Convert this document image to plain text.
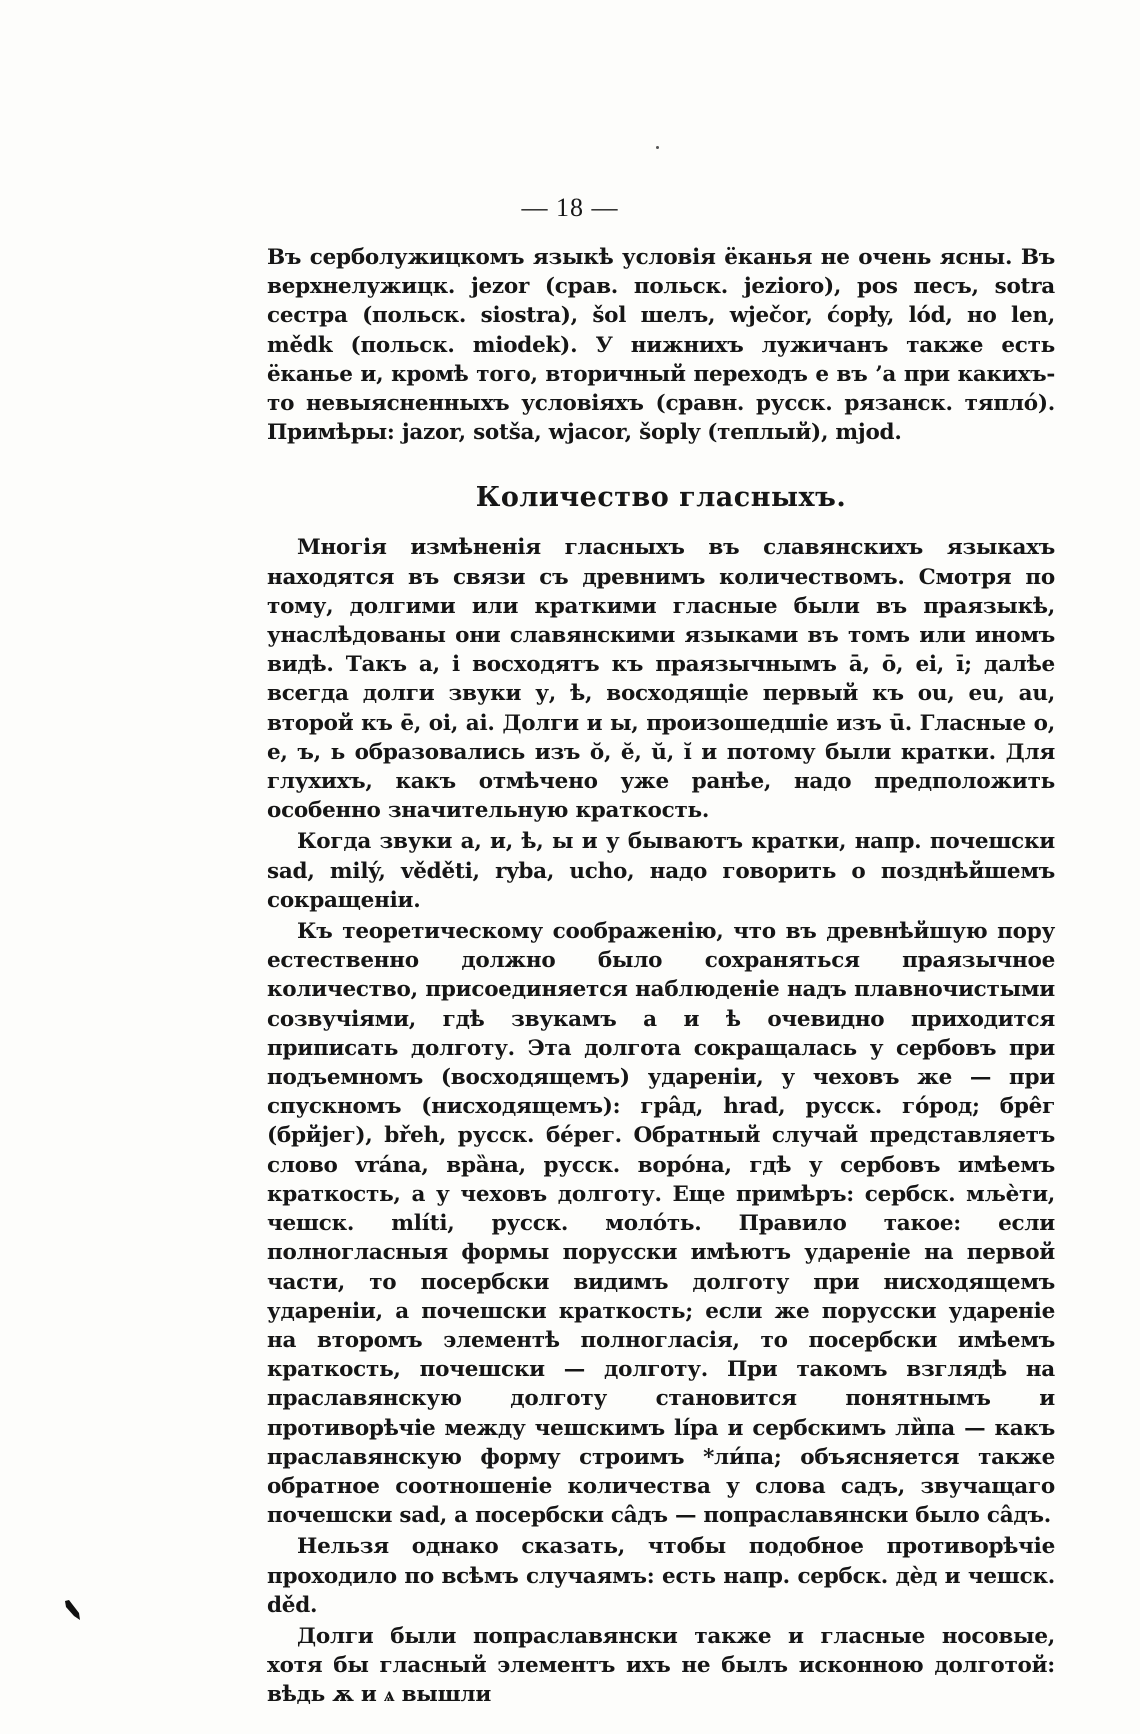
— 18 —

Въ серболужицкомъ языкѣ условія ёканья не очень ясны. Въ верхнелужицк. jezor (срав. польск. jezioro), pos песъ, sotra сестра (польск. siostra), šol шелъ, wječor, ćopły, lód, но len, mědk (польск. miodek). У нижнихъ лужичанъ также есть ёканье и, кромѣ того, вторичный переходъ е въ ’а при какихъ-то невыясненныхъ условіяхъ (сравн. русск. рязанск. тяпло́). Примѣры: jazor, sotša, wjacor, šoply (теплый), mjod.

Количество гласныхъ.

Многія измѣненія гласныхъ въ славянскихъ языкахъ находятся въ связи съ древнимъ количествомъ. Смотря по тому, долгими или краткими гласные были въ праязыкѣ, унаслѣдованы они славянскими языками въ томъ или иномъ видѣ. Такъ а, і восходятъ къ праязычнымъ ā, ō, ei, ī; далѣе всегда долги звуки у, ѣ, восходящіе первый къ ou, eu, au, второй къ ē, oi, ai. Долги и ы, произошедшіе изъ ū. Гласные о, е, ъ, ь образовались изъ ŏ, ĕ, ŭ, ĭ и потому были кратки. Для глухихъ, какъ отмѣчено уже ранѣе, надо предположить особенно значительную краткость.

Когда звуки а, и, ѣ, ы и у бываютъ кратки, напр. почешски sad, milý, věděti, ryba, ucho, надо говорить о позднѣйшемъ сокращеніи.

Къ теоретическому соображенію, что въ древнѣйшую пору естественно должно было сохраняться праязычное количество, присоединяется наблюденіе надъ плавночистыми созвучіями, гдѣ звукамъ а и ѣ очевидно приходится приписать долготу. Эта долгота сокращалась у сербовъ при подъемномъ (восходящемъ) удареніи, у чеховъ же — при спускномъ (нисходящемъ): гра̂д, hrad, русск. го́род; брêг (брйјег), břeh, русск. бе́рег. Обратный случай представляетъ слово vrána, вра̏на, русск. воро́на, гдѣ у сербовъ имѣемъ краткость, а у чеховъ долготу. Еще примѣръ: сербск. мљѐти, чешск. mlíti, русск. моло́ть. Правило такое: если полногласныя формы порусски имѣютъ удареніе на первой части, то посербски видимъ долготу при нисходящемъ удареніи, а почешски краткость; если же порусски удареніе на второмъ элементѣ полногласія, то посербски имѣемъ краткость, почешски — долготу. При такомъ взглядѣ на праславянскую долготу становится понятнымъ и противорѣчіе между чешскимъ lípa и сербскимъ ли̏па — какъ праславянскую форму строимъ *ли́па; объясняется также обратное соотношеніе количества у слова садъ, звучащаго почешски sad, а посербски са̂дъ — попраславянски было са̂дъ.

Нельзя однако сказать, чтобы подобное противорѣчіе проходило по всѣмъ случаямъ: есть напр. сербск. дѐд и чешск. děd.

Долги были попраславянски также и гласные носовые, хотя бы гласный элементъ ихъ не былъ исконною долготой: вѣдь ѫ и ѧ вышли
